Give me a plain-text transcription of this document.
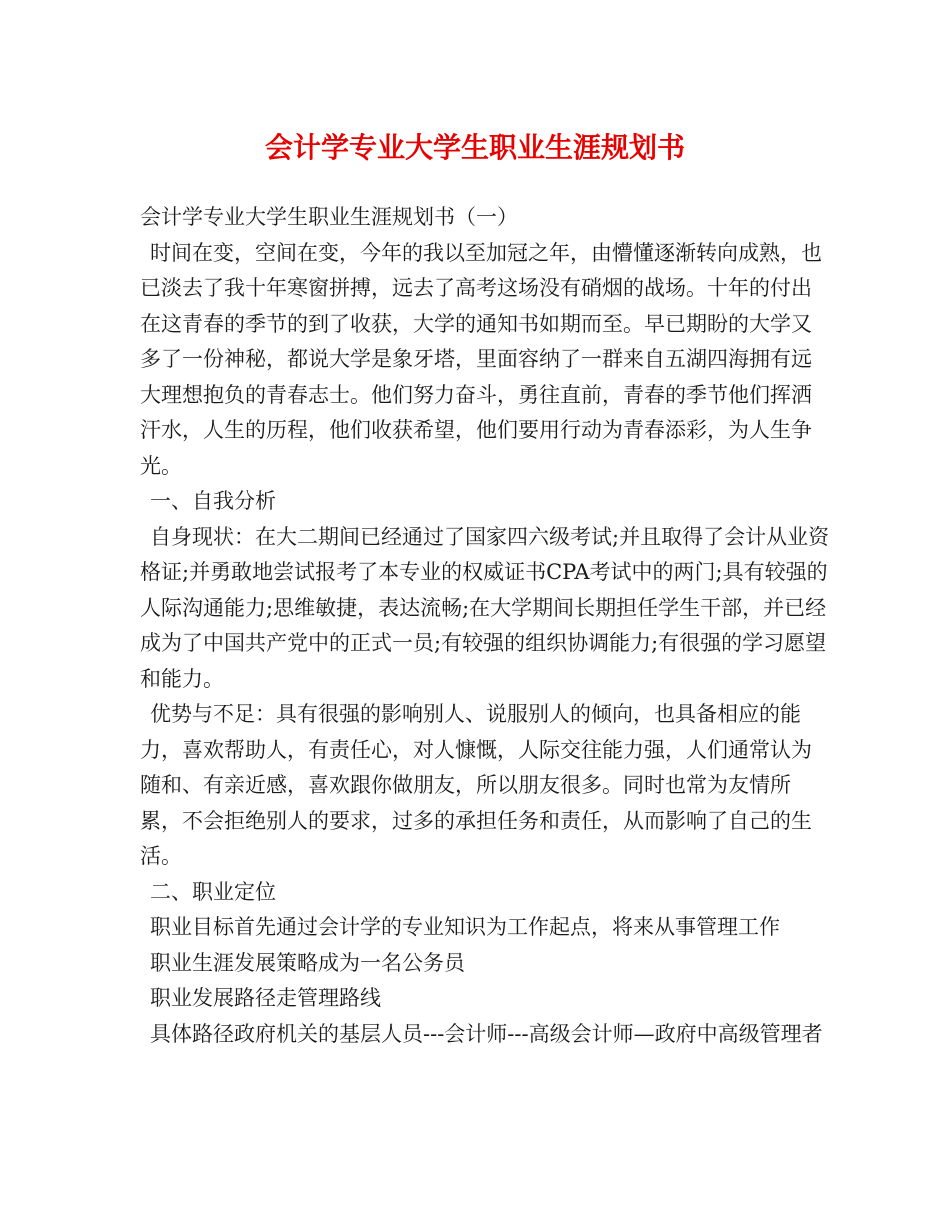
会计学专业大学生职业生涯规划书

会计学专业大学生职业生涯规划书（一）

时间在变，空间在变，今年的我以至加冠之年，由懵懂逐渐转向成熟，也已淡去了我十年寒窗拼搏，远去了高考这场没有硝烟的战场。十年的付出在这青春的季节的到了收获，大学的通知书如期而至。早已期盼的大学又多了一份神秘，都说大学是象牙塔，里面容纳了一群来自五湖四海拥有远大理想抱负的青春志士。他们努力奋斗，勇往直前，青春的季节他们挥洒汗水，人生的历程，他们收获希望，他们要用行动为青春添彩，为人生争光。

一、自我分析

自身现状：在大二期间已经通过了国家四六级考试;并且取得了会计从业资格证;并勇敢地尝试报考了本专业的权威证书CPA考试中的两门;具有较强的人际沟通能力;思维敏捷，表达流畅;在大学期间长期担任学生干部，并已经成为了中国共产党中的正式一员;有较强的组织协调能力;有很强的学习愿望和能力。

优势与不足：具有很强的影响别人、说服别人的倾向，也具备相应的能力，喜欢帮助人，有责任心，对人慷慨，人际交往能力强，人们通常认为随和、有亲近感，喜欢跟你做朋友，所以朋友很多。同时也常为友情所累，不会拒绝别人的要求，过多的承担任务和责任，从而影响了自己的生活。

二、职业定位

职业目标首先通过会计学的专业知识为工作起点，将来从事管理工作

职业生涯发展策略成为一名公务员

职业发展路径走管理路线

具体路径政府机关的基层人员---会计师---高级会计师—政府中高级管理者
